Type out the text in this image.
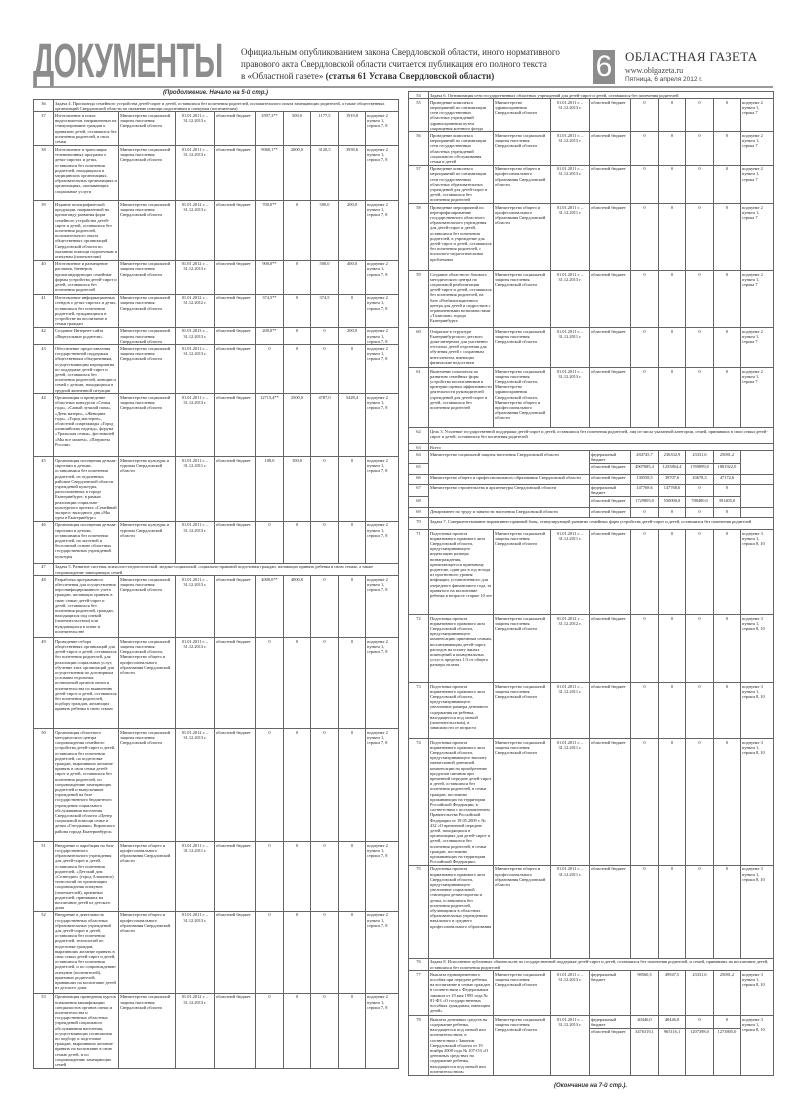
ДОКУМЕНТЫ Официальным опубликованием закона Свердловской области, иного нормативного
правового акта Свердловской области считается публикация его полного текста
в «Областной газете» (статья 61 Устава Свердловской области)	6 ОБЛАСТНАЯ ГАЗЕТА
www.oblgazeta.ru
Пятница, 6 апреля 2012 г.
(Продолжение. Начало на 5-й стр.)
36	Задача 4. Пропаганда семейного устройства детей-сирот и детей, оставшихся без попечения родителей, положительного опыта замещающих родителей, а также общественных организаций Свердловской области по оказанию помощи подопечным и опекунам (попечителям)								
37	Изготовление и показ видеосюжетов, направленных на стимулирование граждан к принятию детей, оставшихся без попечения родителей, в свои семьи	Министерство социальной защиты населения Свердловской области	01.01.2011 г. – 31.12.2013 г.	областной бюджет	3597,3**	500,0	1177,5	1919,8	подпункт 2 пункта 1, строки 7, 8
38	Изготовление и трансляция телевизионных программ о детях-сиротах и детях, оставшихся без попечения родителей, находящихся в медицинских организациях, образовательных организациях и организациях, оказывающих социальные услуги	Министерство социальной защиты населения Свердловской области	01.01.2011 г. – 31.12.2013 г.	областной бюджет	9060,1**	2000,0	3120,5	3939,6	подпункт 2 пункта 1, строки 7, 8
39	Издание полиграфической продукции, направленной на пропаганду развития форм семейного устройства детей-сирот и детей, оставшихся без попечения родителей, положительного опыта общественных организаций Свердловской области по оказанию помощи подопечным и опекунам (попечителям)	Министерство социальной защиты населения Свердловской области	01.01.2012 г. – 31.12.2013 г.	областной бюджет	700,0**	0	500,0	200,0	подпункт 2 пункта 1, строки 7, 8
40	Изготовление и размещение растяжек, баннеров, пропагандирующих семейные формы устройства детей-сирот и детей, оставшихся без попечения родителей	Министерство социальной защиты населения Свердловской области	01.01.2012 г. – 31.12.2013 г.	областной бюджет	900,0**	0	500,0	400,0	подпункт 2 пункта 1, строки 7, 8
41	Изготовление информационных стендов о детях-сиротах и детях, оставшихся без попечения родителей, нуждающихся в устройстве на воспитание в семьи граждан	Министерство социальной защиты населения Свердловской области	01.01.2012 г. – 31.12.2012 г.	областной бюджет	374,5**	0	374,5	0	подпункт 2 пункта 1, строки 7, 8
42	Создание Интернет-сайта «Виртуальные родители»	Министерство социальной защиты населения Свердловской области	01.01.2013 г. – 31.12.2013 г.	областной бюджет	200,0**	0	0	200,0	подпункт 2 пункта 1, строки 7, 8
43	Обеспечение предоставления государственной поддержки общественным объединениям, осуществляющим мероприятия по поддержке детей-сирот и детей, оставшихся без попечения родителей, женщин и семей с детьми, находящихся в трудной жизненной ситуации	Министерство социальной защиты населения Свердловской области	01.01.2011 г. – 31.12.2013 г.	областной бюджет	0	0	0	0	подпункт 2 пункта 1, строки 7, 8
44	Организация и проведение областных конкурсов «Семья года», «Самый лучший папа», «День матери», «Женщина года», «Город мастеров», областной спартакиады «Город олимпийских надежд», форума «Уральская семья», фестивалей «Мы все можем», «Патриоты России»	Министерство социальной защиты населения Свердловской области	01.01.2011 г. – 31.12.2013 г.	областной бюджет	12715,4**	2500,0	4787,0	5428,4	подпункт 2 пункта 1, строки 7, 8
45	Организация посещения детьми-сиротами и детьми, оставшимися без попечения родителей, из отдаленных районов Свердловской области учреждений культуры, расположенных в городе Екатеринбурге, в рамках реализации социально-культурного проекта «Семейный экспресс выходного дня «Мы едем в Екатеринбург»	Министерство культуры и туризма Свердловской области	01.01.2011 г. – 31.12.2011 г.	областной бюджет	100,0	100,0	0	0	подпункт 2 пункта 1, строки 7, 8
46	Организация посещения детьми-сиротами и детьми, оставшимися без попечения родителей, на льготной и бесплатной основе областных государственных учреждений культуры	Министерство культуры и туризма Свердловской области	01.01.2011 г. – 31.12.2013 г.	областной бюджет	0	0	0	0	подпункт 2 пункта 1, строки 7, 8
47	Задача 5. Развитие системы психолого-педагогической, медико-социальной, социально-правовой подготовки граждан, желающих принять ребенка в свою семью, а также сопровождение замещающих семей								
48	Разработка программного обеспечения для осуществления персонифицированного учета граждан, желающих принять в свою семью детей-сирот и детей, оставшихся без попечения родителей, граждан, находящихся под опекой (попечительством) или нуждающихся в опеке и попечительстве	Министерство социальной защиты населения Свердловской области	01.01.2011 г. – 31.12.2013 г.	областной бюджет	4000,0**	4000,0	0	0	подпункт 2 пункта 1, строки 7, 8
49	Проведение отбора общественных организаций для детей-сирот и детей, оставшихся без попечения родителей, для реализации социальных услуг, обучение этих организаций для осуществления по договорным условиям отдельных полномочий органов опеки и попечительства по выявлению детей-сирот и детей, оставшихся без попечения родителей, подбору граждан, желающих принять ребенка в свою семью	Министерство социальной защиты населения Свердловской области, Министерство общего и профессионального образования Свердловской области	01.01.2011 г. – 31.12.2013 г.	областной бюджет	0	0	0	0	подпункт 2 пункта 1, строки 7, 8
50	Организация областного методического центра сопровождения семейного устройства детей-сирот и детей, оставшихся без попечения родителей, по подготовке граждан, выразивших желание принять в свои семьи детей-сирот и детей, оставшихся без попечения родителей, по сопровождению замещающих родителей и выпускников учреждений на базе государственного бюджетного учреждения социального обслуживания населения Свердловской области «Центр социальной помощи семье и детям «Гнездышко» Кировского района города Екатеринбурга»	Министерство социальной защиты населения Свердловской области	01.01.2012 г. – 31.12.2013 г.	областной бюджет	0	0	0	0	подпункт 2 пункта 1, строки 7, 8
51	Внедрение и апробация на базе государственного образовательного учреждения для детей-сирот и детей, оставшихся без попечения родителей, «Детский дом «Созвездие» (город Алапаевск) технологий по организации сопровождения опекунов (попечителей), приемных родителей, принявших на воспитание детей из детского дома	Министерство общего и профессионального образования Свердловской области	01.01.2011 г. – 31.12.2011 г.	областной бюджет	0	0	0	0	подпункт 2 пункта 1, строки 7, 8
52	Внедрение в деятельность государственных областных образовательных учреждений для детей-сирот и детей, оставшихся без попечения родителей, технологий по подготовке граждан, выразивших желание принять в свои семьи детей-сирот и детей, оставшихся без попечения родителей, и по сопровождению опекунов (попечителей), приемных родителей, принявших на воспитание детей из детского дома	Министерство общего и профессионального образования Свердловской области	01.01.2011 г. – 31.12.2013 г.	областной бюджет	0	0	0	0	подпункт 2 пункта 1, строки 7, 8
53	Организация проведения курсов повышения квалификации специалистов органов опеки и попечительства и государственных областных учреждений социального обслуживания населения, осуществляющих полномочия по подбору и подготовке граждан, выразивших желание принять на воспитание в свою семью детей, и по сопровождению замещающих семей	Министерство социальной защиты населения Свердловской области	01.01.2012 г. – 31.12.2013 г.	областной бюджет	0	0	0	0	подпункт 2 пункта 1, строки 7, 8
54	Задача 6. Оптимизация сети государственных областных учреждений для детей-сирот и детей, оставшихся без попечения родителей								
55	Проведение комплекса мероприятий по оптимизации сети государственных областных учреждений здравоохранения путем сокращения коечного фонда	Министерство здравоохранения Свердловской области	01.01.2011 г. – 31.12.2013 г.	областной бюджет	0	0	0	0	подпункт 2 пункта 1, строка 7
56	Проведение комплекса мероприятий по оптимизации сети государственных областных учреждений социального обслуживания семьи и детей	Министерство социальной защиты населения Свердловской области	01.01.2011 г. – 31.12.2013 г.	областной бюджет	0	0	0	0	подпункт 2 пункта 1, строка 7
57	Проведение комплекса мероприятий по оптимизации сети государственных областных образовательных учреждений для детей-сирот и детей, оставшихся без попечения родителей	Министерство общего и профессионального образования Свердловской области	01.01.2011 г. – 31.12.2013 г.	областной бюджет	0	0	0	0	подпункт 2 пункта 1, строка 7
58	Проведение мероприятий по перепрофилированию государственного областного образовательного учреждения для детей-сирот и детей, оставшихся без попечения родителей, в учреждение для детей-сирот и детей, оставшихся без попечения родителей, с психолого-педагогическими проблемами	Министерство общего и профессионального образования Свердловской области	01.01.2011 г. – 31.12.2011 г.	областной бюджет	0	0	0	0	подпункт 2 пункта 1, строка 7
59	Создание областного базового методического центра по социальной реабилитации детей-сирот и детей, оставшихся без попечения родителей, на базе «Реабилитационного центра для детей и подростков с ограниченными возможностями «Талисман» города Екатеринбурга	Министерство социальной защиты населения Свердловской области	01.01.2011 г. – 31.12.2013 г.	областной бюджет	0	0	0	0	подпункт 2 пункта 1, строка 7
60	Открытие в структуре Екатеринбургского детского дома-интерната для умственно отсталых детей отделения для обучения детей с сохранным интеллектом, имеющих физические недостатки	Министерство социальной защиты населения Свердловской области	01.01.2011 г. – 31.12.2011 г.	областной бюджет	0	0	0	0	подпункт 2 пункта 1, строка 7
61	Включение показателя по развитию семейных форм устройства воспитанников в критерии оценки эффективности деятельности руководителей учреждений для детей-сирот и детей, оставшихся без попечения родителей	Министерство социальной защиты населения Свердловской области, Министерство здравоохранения Свердловской области, Министерство общего и профессионального образования Свердловской области	01.01.2011 г. – 31.12.2013 г.	областной бюджет	0	0	0	0	подпункт 2 пункта 1, строка 7
62	Цель 3. Усиление государственной поддержки детей-сирот и детей, оставшихся без попечения родителей, лиц из числа указанной категории, семей, принявших в свои семьи детей-сирот и детей, оставшихся без попечения родителей								
63	Всего								
64	Министерство социальной защиты населения Свердловской области			федеральный бюджет	284745,7	236332,9	23331,6	25081,2	
65				областной бюджет	4907685,4	1255864,4	1769899,0	1881922,0	
66	Министерство общего и профессионального образования Свердловской области			областной бюджет	130558,5	39707,6	43678,3	47172,6	
67	Министерство строительства и архитектуры Свердловской области			федеральный бюджет	147768,6	147768,6	0	0	
68				областной бюджет	1729805,0	550000,0	788400,0	391405,0	
69	Департамент по труду и занятости населения Свердловской области			областной бюджет	0	0	0	0	
70	Задача 7. Совершенствование нормативно-правовой базы, стимулирующей развитие семейных форм устройства детей-сирот и детей, оставшихся без попечения родителей								
71	Подготовка проекта нормативного правового акта Свердловской области, предусматривающего индексацию размера вознаграждения, причитающегося приемному родителю, один раз в год исходя из прогнозного уровня инфляции, установленного для очередного финансового года, за принятого на воспитание ребенка в возрасте старше 10 лет	Министерство социальной защиты населения Свердловской области	01.01.2011 г. – 31.12.2011 г.	областной бюджет	0	0	0	0	подпункт 3 пункта 1, строки 8, 10
72	Подготовка проекта нормативного правового акта Свердловской области, предусматривающего компенсацию приемным семьям, воспитывающим детей-сирот, расходов на оплату жилых помещений и коммунальных услуг в пределах 1/3 от общего размера оплаты	Министерство социальной защиты населения Свердловской области	01.01.2012 г. – 31.12.2012 г.	областной бюджет	0	0	0	0	подпункт 3 пункта 1, строки 8, 10
73	Подготовка проекта нормативного правового акта Свердловской области, предусматривающего увеличение размера денежного содержания на ребенка, находящегося под опекой (попечительством), в зависимости от возраста	Министерство социальной защиты населения Свердловской области	01.01.2011 г. – 31.12.2011 г.	областной бюджет	0	0	0	0	подпункт 3 пункта 1, строки 8, 10
74	Подготовка проекта нормативного правового акта Свердловской области, предусматривающего выплату ежемесячной денежной компенсации на приобретение продуктов питания при временной передаче детей-сирот и детей, оставшихся без попечения родителей, в семьи граждан, постоянно проживающих на территории Российской Федерации, в соответствии с постановлением Правительства Российской Федерации от 19.05.2009 г. № 432 «О временной передаче детей, находящихся в организациях для детей-сирот и детей, оставшихся без попечения родителей, в семьи граждан, постоянно проживающих на территории Российской Федерации»	Министерство социальной защиты населения Свердловской области	01.01.2011 г. – 31.12.2011 г.	областной бюджет	0	0	0	0	подпункт 3 пункта 1, строки 8, 10
75	Подготовка проекта нормативного правового акта Свердловской области, предусматривающего увеличение социальной стипендии детям-сиротам и детям, оставшимся без попечения родителей, обучающимся в областных образовательных учреждениях начального и среднего профессионального образования	Министерство общего и профессионального образования Свердловской области	01.01.2011 г. – 31.12.2011 г.	областной бюджет	0	0	0	0	подпункт 3 пункта 1, строки 8, 10
76	Задача 8. Исполнение публичных обязательств по государственной поддержке детей-сирот и детей, оставшихся без попечения родителей, и семей, принявших на воспитание детей, оставшихся без попечения родителей								
77	Выплата единовременного пособия при передаче ребенка на воспитание в семью граждан в соответствии с Федеральным законом от 19 мая 1995 года № 81-ФЗ «О государственных пособиях гражданам, имеющим детей»	Министерство социальной защиты населения Свердловской области	01.01.2011 г. – 31.12.2013 г.	федеральный бюджет	98560,3	49947,5	23331,6	25081,2	подпункт 3 пункта 1, строки 8, 10
78	Выплата денежных средств на содержание ребенка, находящегося под опекой или попечительством, в соответствии с Законом Свердловской области от 19 ноября 2008 года № 107-ОЗ «О денежных средствах на содержание ребенка, находящегося под опекой или попечительством»	Министерство социальной защиты населения Свердловской области	01.01.2011 г. – 31.12.2013 г.	федеральный бюджет	40446,0	40446,0	0	0	подпункт 3 пункта 1, строки 8, 10
				областной бюджет	3476319,1	965116,1	1207398,0	1273805,0	
(Окончание на 7-й стр.).
